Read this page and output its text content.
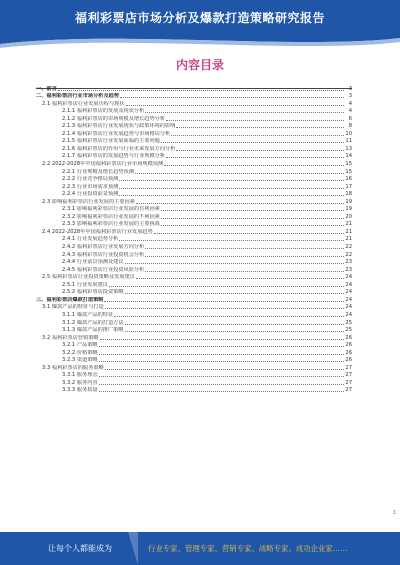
福利彩票店市场分析及爆款打造策略研究报告
内容目录
一、前言	3
二、福利彩票店行业市场分析及趋势	3
2.1 福利彩票店行业发展历程与现状	4
2.1.1 福利彩票店的发展及现状分析	4
2.1.2 福利彩票店的市场规模及增长趋势分析	6
2.1.3 福利彩票店行业发展现状与政策环境的影响	8
2.1.4 福利彩票店行业发展趋势与市场格局分析	10
2.1.5 福利彩票店行业发展面临的主要问题	11
2.1.6 福利彩票店的作用与行业未来发展方向分析	13
2.1.7 福利彩票店的发展趋势与行业规模分析	14
2.2 2022-2028年中国福利彩票店行业市场规模预测	15
2.2.1 行业规模及增长趋势预测	15
2.2.2 行业竞争格局预测	16
2.2.3 行业市场需求预测	17
2.2.4 行业投资前景预测	18
2.3 影响福利彩票店行业发展的主要因素	19
2.3.1 影响福利彩票店行业发展的有利因素	19
2.3.2 影响福利彩票店行业发展的不利因素	20
2.3.3 影响福利彩票店行业发展的主要挑战	21
2.4 2022-2028年中国福利彩票店行业发展趋势	21
2.4.1 行业发展趋势分析	21
2.4.2 福利彩票店行业发展方向分析	22
2.4.3 福利彩票店行业投资机会分析	22
2.4.4 行业前景预测及建议	23
2.4.5 福利彩票店行业投资风险分析	23
2.5 福利彩票店行业投资策略及发展建议	24
2.5.1 行业发展建议	24
2.5.2 福利彩票店投资策略	24
三、福利彩票店爆款打造策略	24
3.1 爆款产品的特征与打造	24
3.1.1 爆款产品的特征	24
3.1.2 爆款产品的打造方法	25
3.1.3 爆款产品的推广策略	25
3.2 福利彩票店营销策略	26
3.2.1 产品策略	26
3.2.2 价格策略	26
3.2.3 渠道策略	26
3.3 福利彩票店的服务策略	27
3.3.1 服务理念	27
3.3.2 服务内容	27
3.3.3 服务质量	27
1
让每个人都能成为	行业专家、管理专家、营销专家、战略专家、成功企业家……
